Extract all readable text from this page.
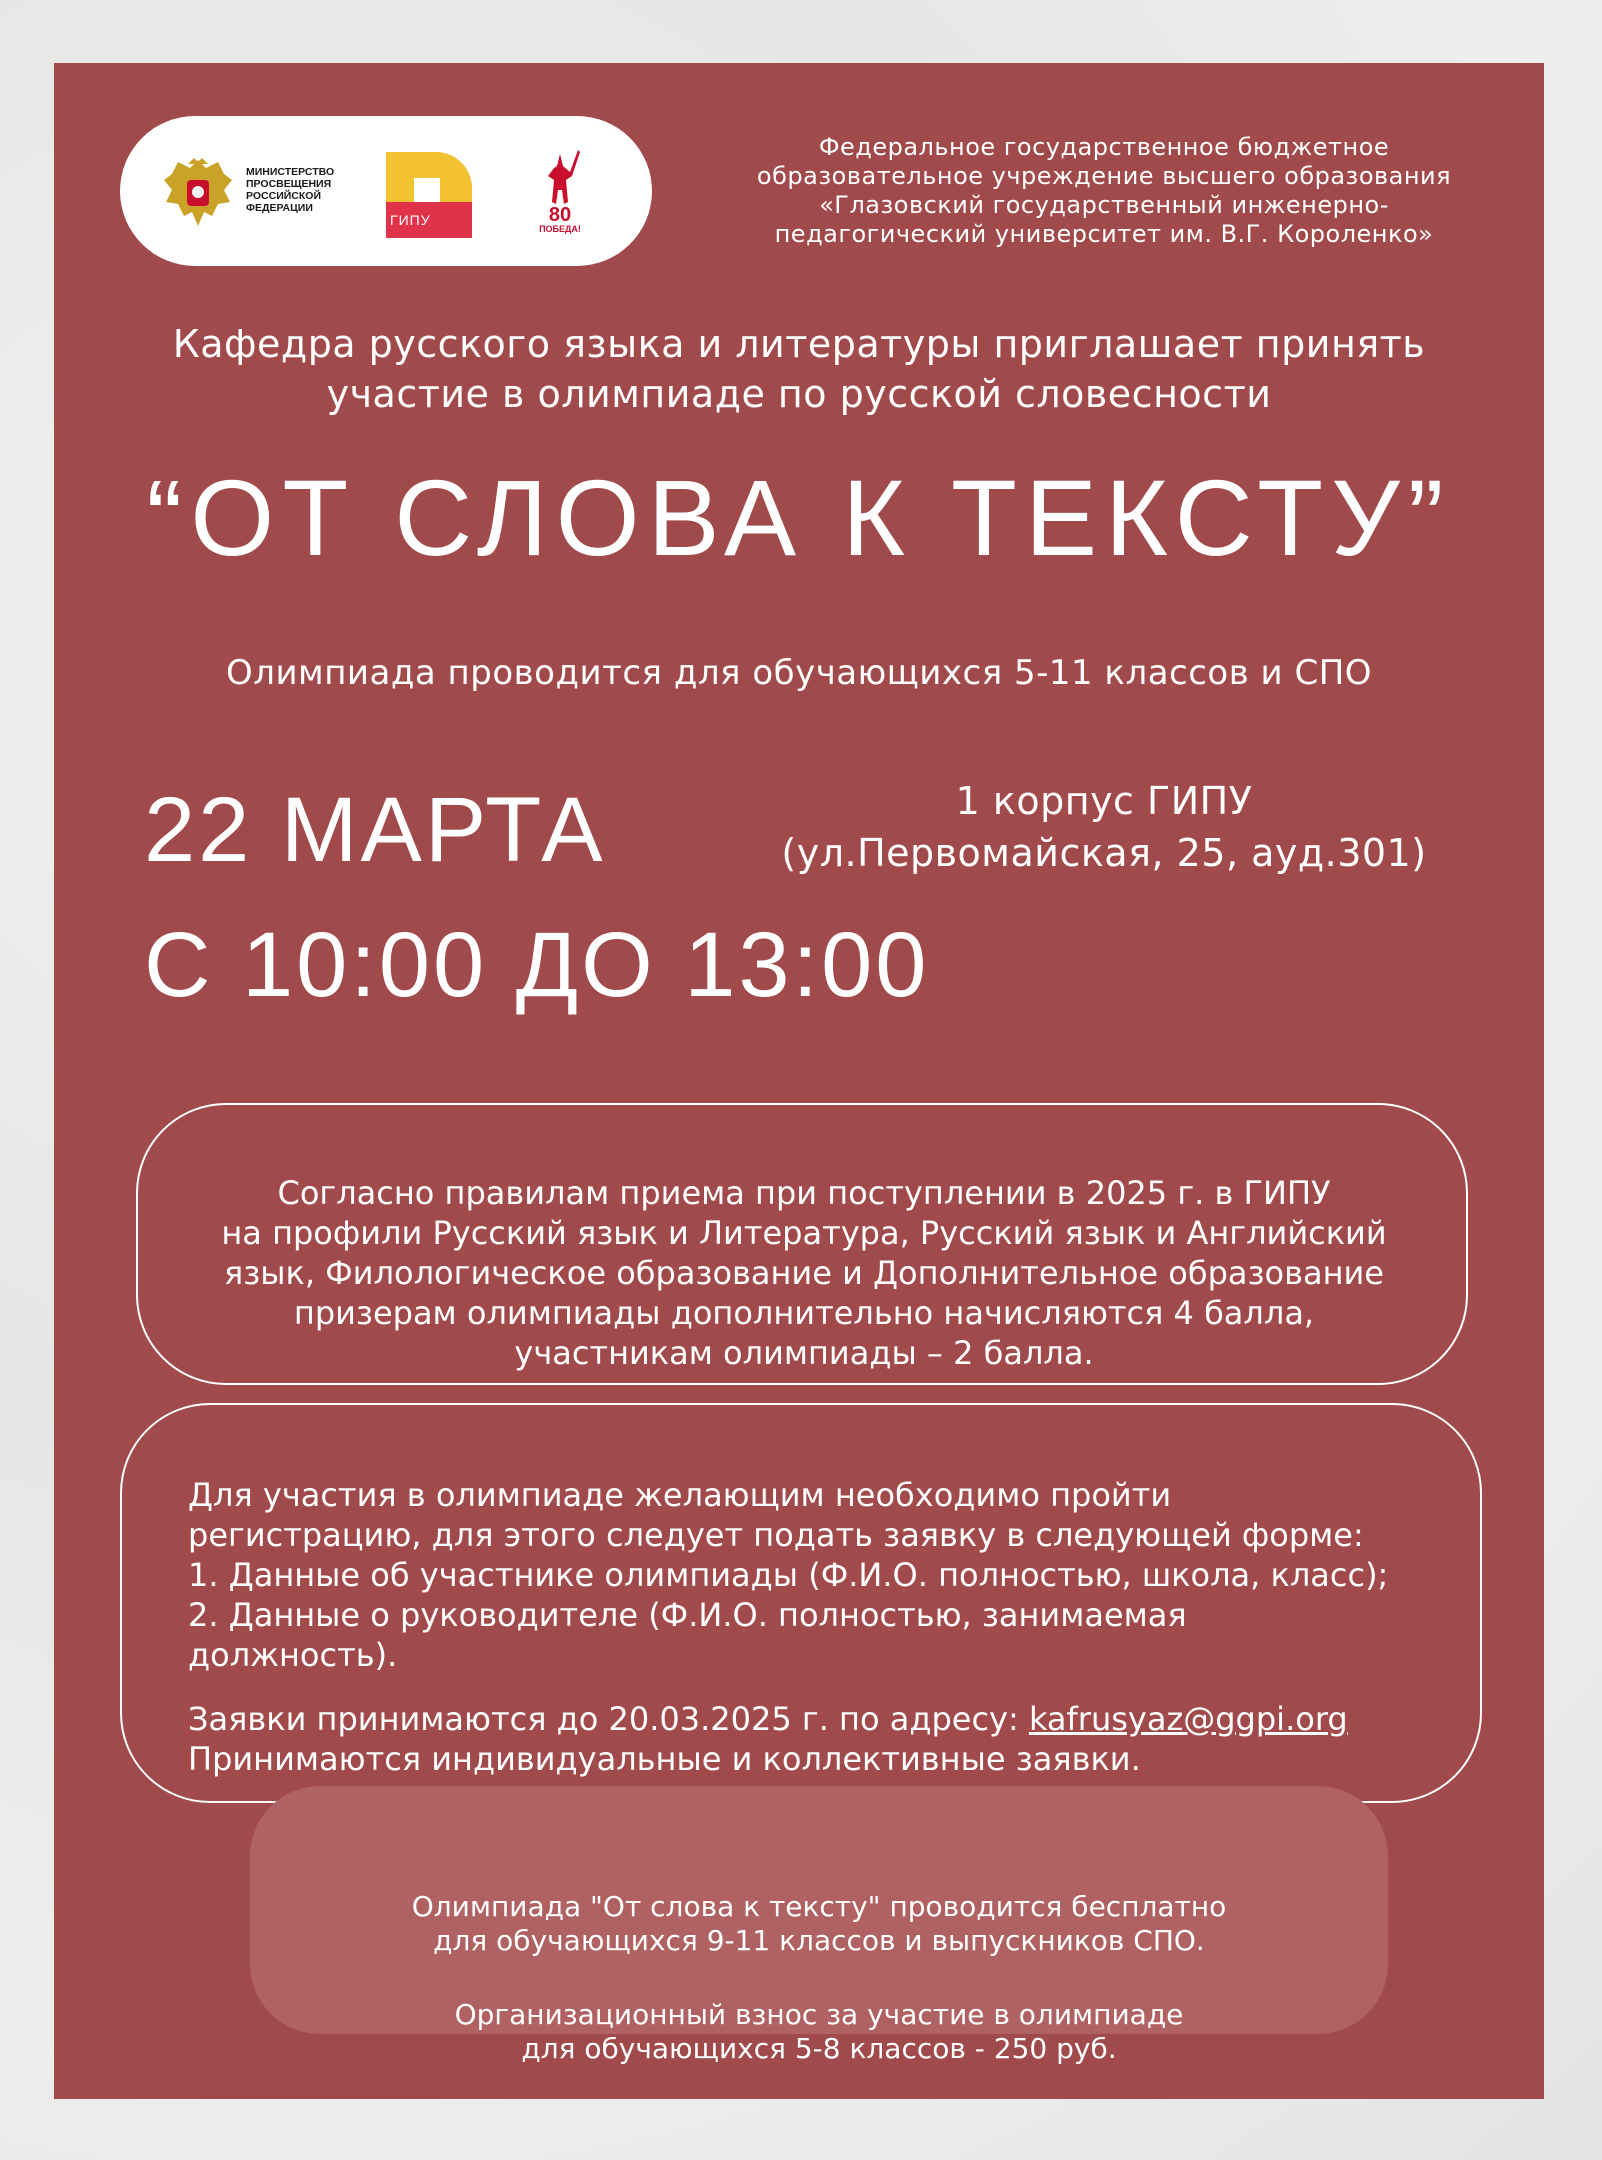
МИНИСТЕРСТВО ПРОСВЕЩЕНИЯ РОССИЙСКОЙ ФЕДЕРАЦИИ
ГИПУ	80
ПОБЕДА!
Федеральное государственное бюджетное
образовательное учреждение высшего образования
«Глазовский государственный инженерно-
педагогический университет им. В.Г. Короленко»
Кафедра русского языка и литературы приглашает принять
участие в олимпиаде по русской словесности
“ОТ СЛОВА К ТЕКСТУ”
Олимпиада проводится для обучающихся 5-11 классов и СПО
22 МАРТА
С 10:00 ДО 13:00
1 корпус ГИПУ
(ул.Первомайская, 25, ауд.301)
Согласно правилам приема при поступлении в 2025 г. в ГИПУ
на профили Русский язык и Литература, Русский язык и Английский
язык, Филологическое образование и Дополнительное образование
призерам олимпиады дополнительно начисляются 4 балла,
участникам олимпиады – 2 балла.
Для участия в олимпиаде желающим необходимо пройти
регистрацию, для этого следует подать заявку в следующей форме:
1. Данные об участнике олимпиады (Ф.И.О. полностью, школа, класс);
2. Данные о руководителе (Ф.И.О. полностью, занимаемая
должность).
Заявки принимаются до 20.03.2025 г. по адресу: kafrusyaz@ggpi.org
Принимаются индивидуальные и коллективные заявки.
Олимпиада "От слова к тексту" проводится бесплатно
для обучающихся 9-11 классов и выпускников СПО.
Организационный взнос за участие в олимпиаде
для обучающихся 5-8 классов - 250 руб.
